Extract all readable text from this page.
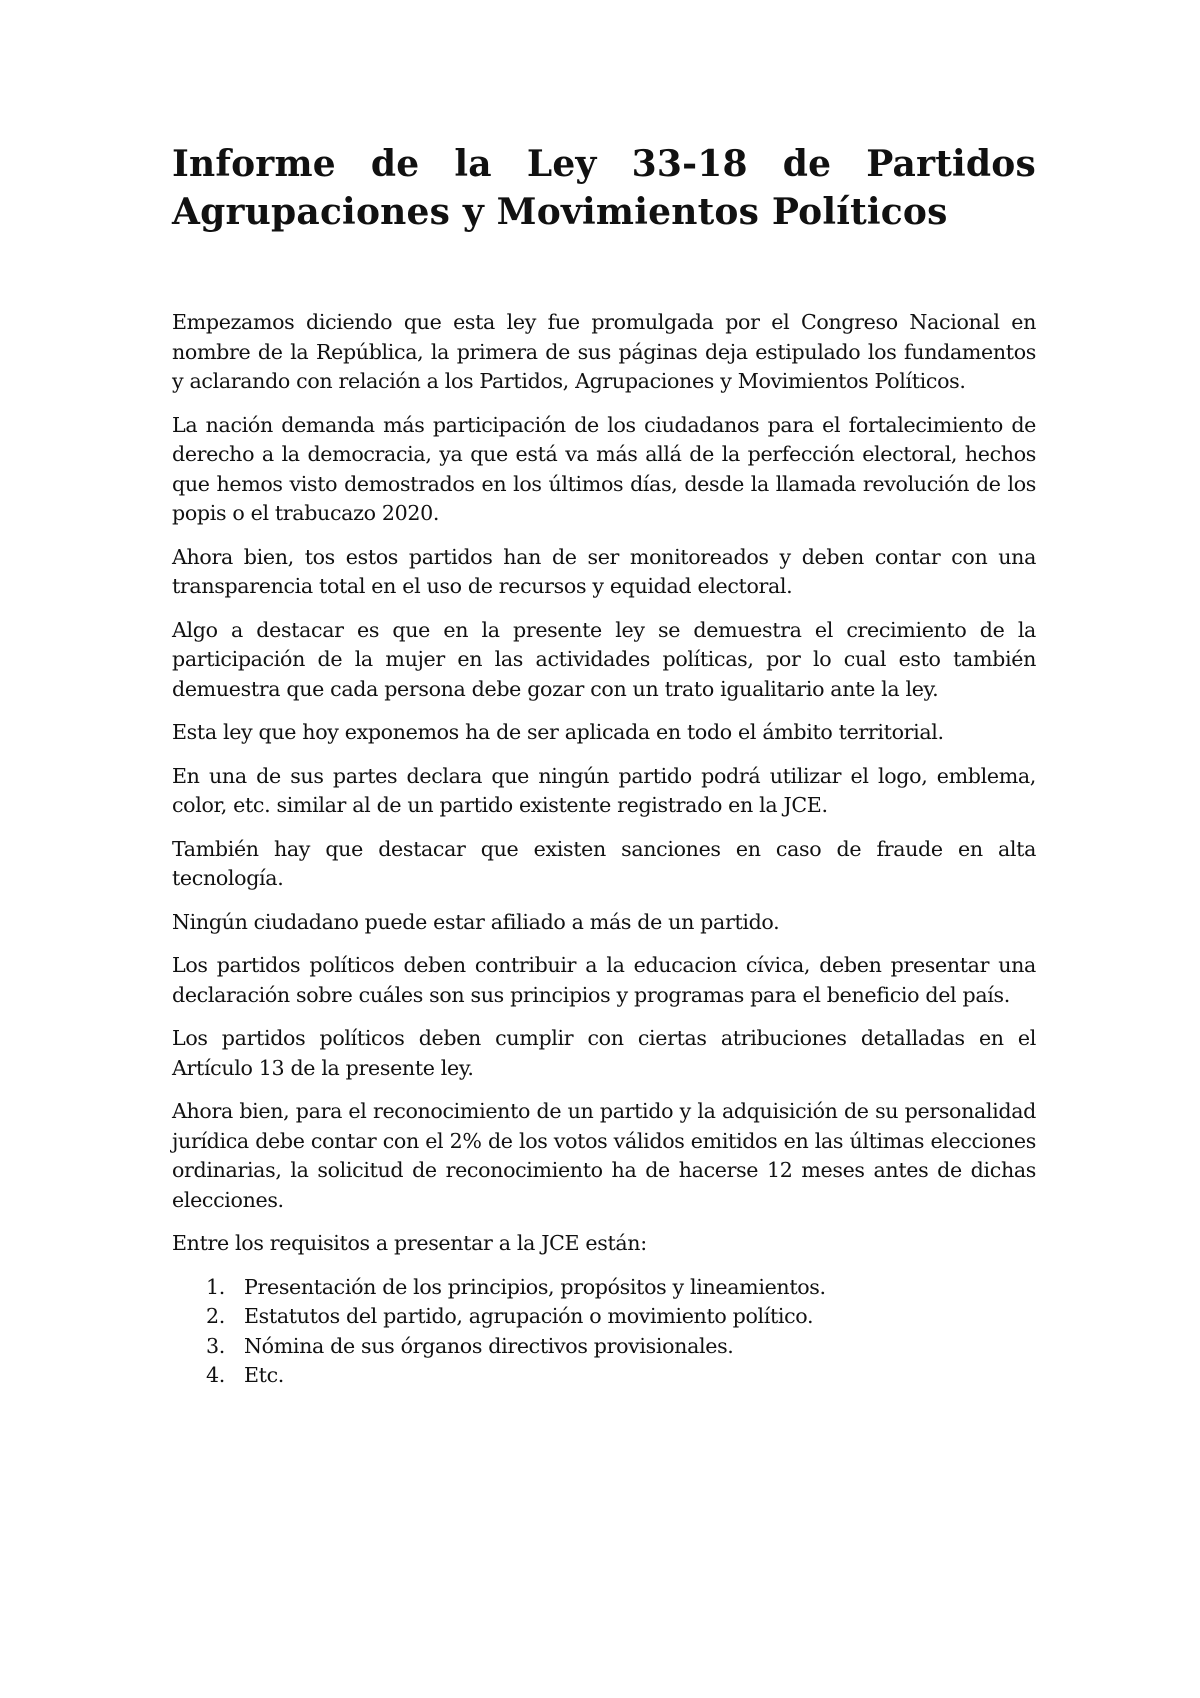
Informe de la Ley 33-18 de Partidos
Agrupaciones y Movimientos Políticos

Empezamos diciendo que esta ley fue promulgada por el Congreso Nacional en nombre de la República, la primera de sus páginas deja estipulado los fundamentos y aclarando con relación a los Partidos, Agrupaciones y Movimientos Políticos.

La nación demanda más participación de los ciudadanos para el fortalecimiento de derecho a la democracia, ya que está va más allá de la perfección electoral, hechos que hemos visto demostrados en los últimos días, desde la llamada revolución de los popis o el trabucazo 2020.

Ahora bien, tos estos partidos han de ser monitoreados y deben contar con una transparencia total en el uso de recursos y equidad electoral.

Algo a destacar es que en la presente ley se demuestra el crecimiento de la participación de la mujer en las actividades políticas, por lo cual esto también demuestra que cada persona debe gozar con un trato igualitario ante la ley.

Esta ley que hoy exponemos ha de ser aplicada en todo el ámbito territorial.

En una de sus partes declara que ningún partido podrá utilizar el logo, emblema, color, etc. similar al de un partido existente registrado en la JCE.

También hay que destacar que existen sanciones en caso de fraude en alta tecnología.

Ningún ciudadano puede estar afiliado a más de un partido.

Los partidos políticos deben contribuir a la educacion cívica, deben presentar una declaración sobre cuáles son sus principios y programas para el beneficio del país.

Los partidos políticos deben cumplir con ciertas atribuciones detalladas en el Artículo 13 de la presente ley.

Ahora bien, para el reconocimiento de un partido y la adquisición de su personalidad jurídica debe contar con el 2% de los votos válidos emitidos en las últimas elecciones ordinarias, la solicitud de reconocimiento ha de hacerse 12 meses antes de dichas elecciones.

Entre los requisitos a presentar a la JCE están:

1. Presentación de los principios, propósitos y lineamientos.
2. Estatutos del partido, agrupación o movimiento político.
3. Nómina de sus órganos directivos provisionales.
4. Etc.
